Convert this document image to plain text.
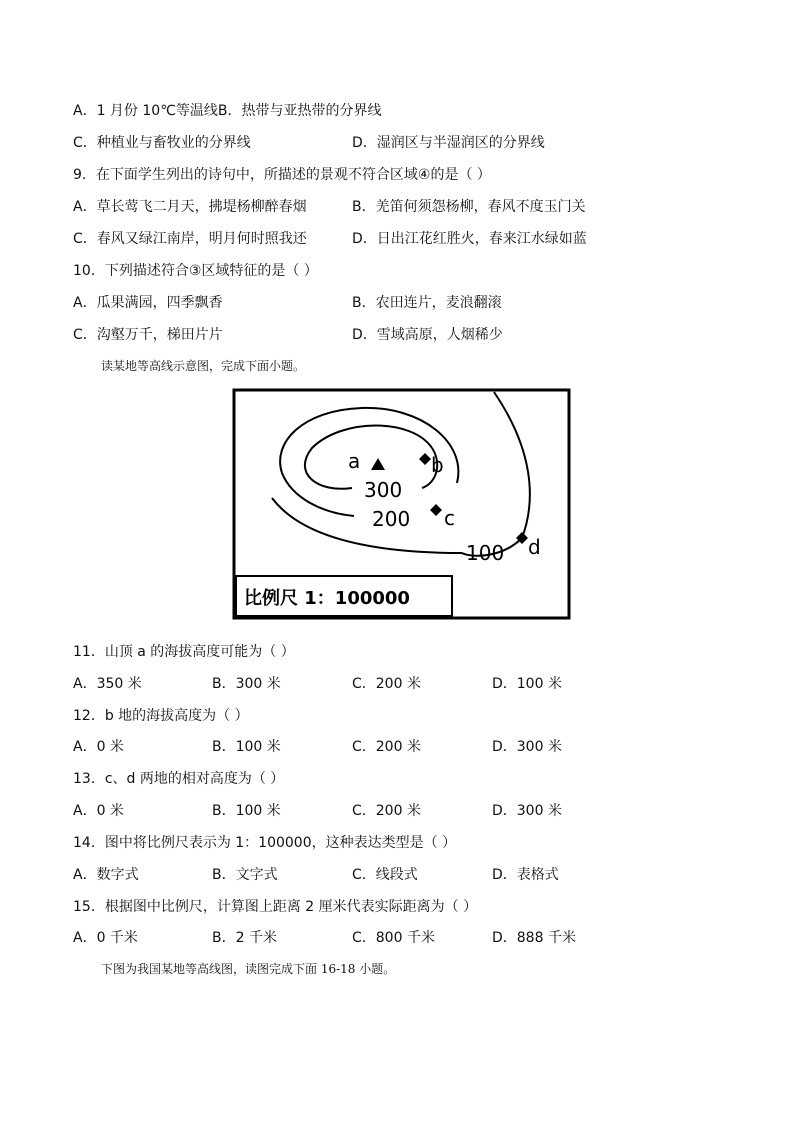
A．1 月份 10℃等温线B．热带与亚热带的分界线
C．种植业与畜牧业的分界线	D．湿润区与半湿润区的分界线
9．在下面学生列出的诗句中，所描述的景观不符合区域④的是（ ）
A．草长莺飞二月天，拂堤杨柳醉春烟	B．羌笛何须怨杨柳，春风不度玉门关
C．春风又绿江南岸，明月何时照我还	D．日出江花红胜火，春来江水绿如蓝
10．下列描述符合③区域特征的是（ ）
A．瓜果满园，四季飘香	B．农田连片，麦浪翻滚
C．沟壑万千，梯田片片	D．雪域高原，人烟稀少
读某地等高线示意图，完成下面小题。
a	b
c
d
300
200
100
比例尺 1：100000
11．山顶 a 的海拔高度可能为（ ）
A．350 米	B．300 米	C．200 米	D．100 米
12．b 地的海拔高度为（ ）
A．0 米	B．100 米	C．200 米	D．300 米
13．c、d 两地的相对高度为（ ）
A．0 米	B．100 米	C．200 米	D．300 米
14．图中将比例尺表示为 1：100000，这种表达类型是（ ）
A．数字式	B．文字式	C．线段式	D．表格式
15．根据图中比例尺，计算图上距离 2 厘米代表实际距离为（ ）
A．0 千米	B．2 千米	C．800 千米	D．888 千米
下图为我国某地等高线图，读图完成下面 16-18 小题。
